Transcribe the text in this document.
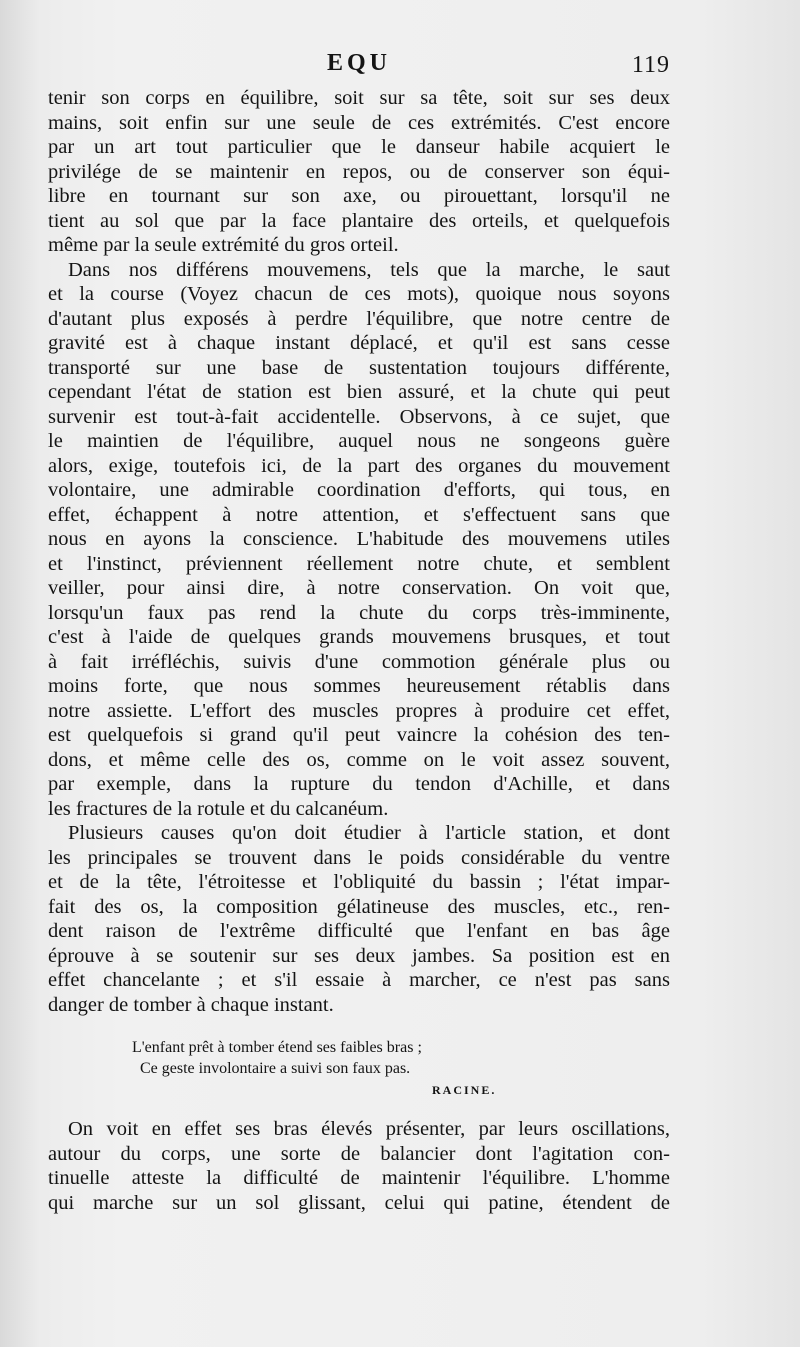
EQU	119
tenir son corps en équilibre, soit sur sa tête, soit sur ses deux
mains, soit enfin sur une seule de ces extrémités. C'est encore
par un art tout particulier que le danseur habile acquiert le
privilége de se maintenir en repos, ou de conserver son équi-
libre en tournant sur son axe, ou pirouettant, lorsqu'il ne
tient au sol que par la face plantaire des orteils, et quelquefois
même par la seule extrémité du gros orteil.
Dans nos différens mouvemens, tels que la marche, le saut
et la course (Voyez chacun de ces mots), quoique nous soyons
d'autant plus exposés à perdre l'équilibre, que notre centre de
gravité est à chaque instant déplacé, et qu'il est sans cesse
transporté sur une base de sustentation toujours différente,
cependant l'état de station est bien assuré, et la chute qui peut
survenir est tout-à-fait accidentelle. Observons, à ce sujet, que
le maintien de l'équilibre, auquel nous ne songeons guère
alors, exige, toutefois ici, de la part des organes du mouvement
volontaire, une admirable coordination d'efforts, qui tous, en
effet, échappent à notre attention, et s'effectuent sans que
nous en ayons la conscience. L'habitude des mouvemens utiles
et l'instinct, préviennent réellement notre chute, et semblent
veiller, pour ainsi dire, à notre conservation. On voit que,
lorsqu'un faux pas rend la chute du corps très-imminente,
c'est à l'aide de quelques grands mouvemens brusques, et tout
à fait irréfléchis, suivis d'une commotion générale plus ou
moins forte, que nous sommes heureusement rétablis dans
notre assiette. L'effort des muscles propres à produire cet effet,
est quelquefois si grand qu'il peut vaincre la cohésion des ten-
dons, et même celle des os, comme on le voit assez souvent,
par exemple, dans la rupture du tendon d'Achille, et dans
les fractures de la rotule et du calcanéum.
Plusieurs causes qu'on doit étudier à l'article station, et dont
les principales se trouvent dans le poids considérable du ventre
et de la tête, l'étroitesse et l'obliquité du bassin ; l'état impar-
fait des os, la composition gélatineuse des muscles, etc., ren-
dent raison de l'extrême difficulté que l'enfant en bas âge
éprouve à se soutenir sur ses deux jambes. Sa position est en
effet chancelante ; et s'il essaie à marcher, ce n'est pas sans
danger de tomber à chaque instant.
L'enfant prêt à tomber étend ses faibles bras ;
Ce geste involontaire a suivi son faux pas.
RACINE.
On voit en effet ses bras élevés présenter, par leurs oscillations,
autour du corps, une sorte de balancier dont l'agitation con-
tinuelle atteste la difficulté de maintenir l'équilibre. L'homme
qui marche sur un sol glissant, celui qui patine, étendent de
